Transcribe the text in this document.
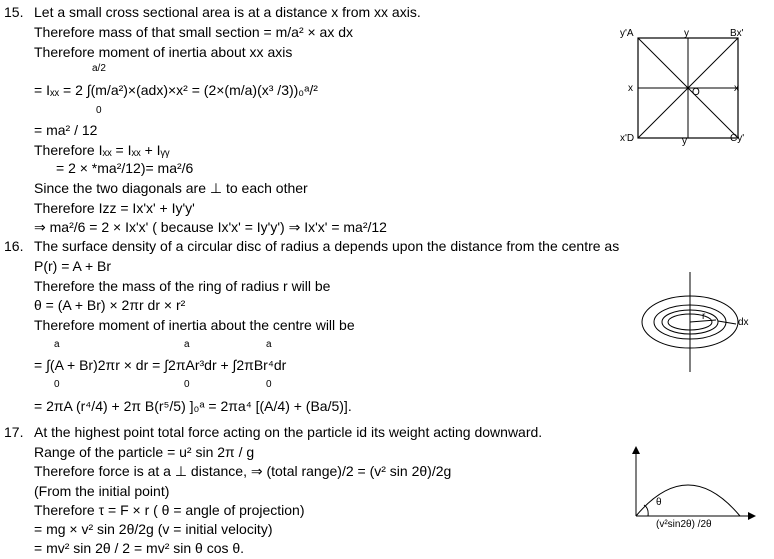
15. Let a small cross sectional area is at a distance x from xx axis.
Therefore mass of that small section = m/a² × ax dx
Therefore moment of inertia about xx axis
a/2
= Iₓₓ = 2 ∫(m/a²)×(adx)×x² = (2×(m/a)(x³ /3))₀ᵃ/²
0
= ma² / 12
Therefore Iₓₓ = Iₓₓ + Iᵧᵧ
= 2 × *ma²/12)= ma²/6
Since the two diagonals are ⊥ to each other
Therefore Izz = Ix'x' + Iy'y'
⇒ ma²/6 = 2 × Ix'x' ( because Ix'x' = Iy'y') ⇒ Ix'x' = ma²/12
y'A	y	Bx'
x	O	x
x'D	y	Cy'
16. The surface density of a circular disc of radius a depends upon the distance from the centre as
P(r) = A + Br
Therefore the mass of the ring of radius r will be
θ = (A + Br) × 2πr dr × r²
Therefore moment of inertia about the centre will be
a	a	a
= ∫(A + Br)2πr × dr = ∫2πAr³dr + ∫2πBr⁴dr
0	0	0
= 2πA (r⁴/4) + 2π B(r⁵/5) ]₀ᵃ = 2πa⁴ [(A/4) + (Ba/5)].
r
dx
17. At the highest point total force acting on the particle id its weight acting downward.
Range of the particle = u² sin 2π / g
Therefore force is at a ⊥ distance, ⇒ (total range)/2 = (v² sin 2θ)/2g
(From the initial point)
Therefore τ = F × r ( θ = angle of projection)
= mg × v² sin 2θ/2g (v = initial velocity)
= mv² sin 2θ / 2 = mv² sin θ cos θ.
θ
(v²sin2θ) /2θ
